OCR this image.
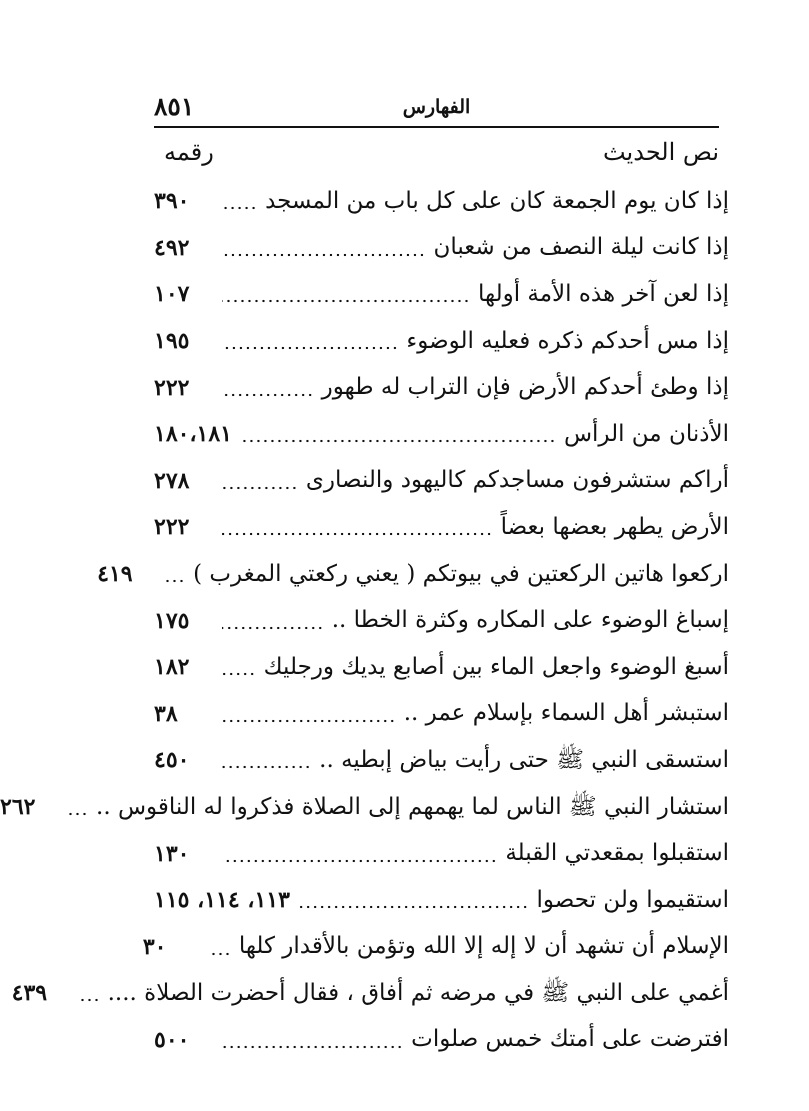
الفهارس
٨٥١
نص الحديث
رقمه
إذا كان يوم الجمعة كان على كل باب من المسجد
٣٩٠
إذا كانت ليلة النصف من شعبان
٤٩٢
إذا لعن آخر هذه الأمة أولها
١٠٧
إذا مس أحدكم ذكره فعليه الوضوء
١٩٥
إذا وطئ أحدكم الأرض فإن التراب له طهور
٢٢٢
الأذنان من الرأس
١٨٠،١٨١
أراكم ستشرفون مساجدكم كاليهود والنصارى
٢٧٨
الأرض يطهر بعضها بعضاً
٢٢٢
اركعوا هاتين الركعتين في بيوتكم ( يعني ركعتي المغرب )
٤١٩
إسباغ الوضوء على المكاره وكثرة الخطا ..
١٧٥
أسبغ الوضوء واجعل الماء بين أصابع يديك ورجليك
١٨٢
استبشر أهل السماء بإسلام عمر ..
٣٨
استسقى النبي ﷺ حتى رأيت بياض إبطيه ..
٤٥٠
استشار النبي ﷺ الناس لما يهمهم إلى الصلاة فذكروا له الناقوس ..
٢٦٢
استقبلوا بمقعدتي القبلة
١٣٠
استقيموا ولن تحصوا
١١٣، ١١٤، ١١٥
الإسلام أن تشهد أن لا إله إلا الله وتؤمن بالأقدار كلها
٣٠
أغمي على النبي ﷺ في مرضه ثم أفاق ، فقال أحضرت الصلاة ....
٤٣٩
افترضت على أمتك خمس صلوات
٥٠٠
